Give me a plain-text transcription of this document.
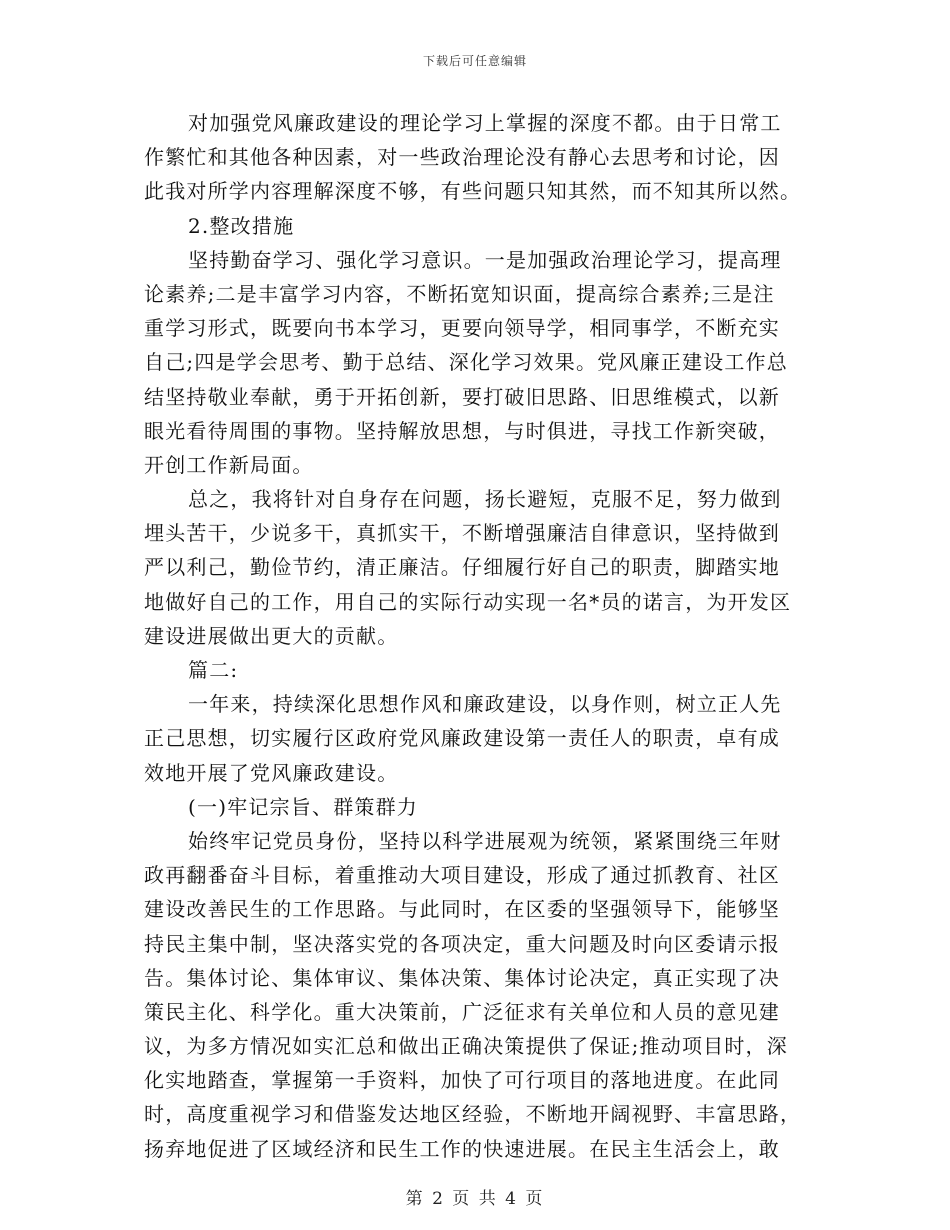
下载后可任意编辑
对加强党风廉政建设的理论学习上掌握的深度不都。由于日常工
作繁忙和其他各种因素，对一些政治理论没有静心去思考和讨论，因
此我对所学内容理解深度不够，有些问题只知其然，而不知其所以然。
2.整改措施
坚持勤奋学习、强化学习意识。一是加强政治理论学习，提高理
论素养;二是丰富学习内容，不断拓宽知识面，提高综合素养;三是注
重学习形式，既要向书本学习，更要向领导学，相同事学，不断充实
自己;四是学会思考、勤于总结、深化学习效果。党风廉正建设工作总
结坚持敬业奉献，勇于开拓创新，要打破旧思路、旧思维模式，以新
眼光看待周围的事物。坚持解放思想，与时俱进，寻找工作新突破，
开创工作新局面。
总之，我将针对自身存在问题，扬长避短，克服不足，努力做到
埋头苦干，少说多干，真抓实干，不断增强廉洁自律意识，坚持做到
严以利己，勤俭节约，清正廉洁。仔细履行好自己的职责，脚踏实地
地做好自己的工作，用自己的实际行动实现一名*员的诺言，为开发区
建设进展做出更大的贡献。
篇二:
一年来，持续深化思想作风和廉政建设，以身作则，树立正人先
正己思想，切实履行区政府党风廉政建设第一责任人的职责，卓有成
效地开展了党风廉政建设。
(一)牢记宗旨、群策群力
始终牢记党员身份，坚持以科学进展观为统领，紧紧围绕三年财
政再翻番奋斗目标，着重推动大项目建设，形成了通过抓教育、社区
建设改善民生的工作思路。与此同时，在区委的坚强领导下，能够坚
持民主集中制，坚决落实党的各项决定，重大问题及时向区委请示报
告。集体讨论、集体审议、集体决策、集体讨论决定，真正实现了决
策民主化、科学化。重大决策前，广泛征求有关单位和人员的意见建
议，为多方情况如实汇总和做出正确决策提供了保证;推动项目时，深
化实地踏查，掌握第一手资料，加快了可行项目的落地进度。在此同
时，高度重视学习和借鉴发达地区经验，不断地开阔视野、丰富思路，
扬弃地促进了区域经济和民生工作的快速进展。在民主生活会上，敢
第 2 页 共 4 页
